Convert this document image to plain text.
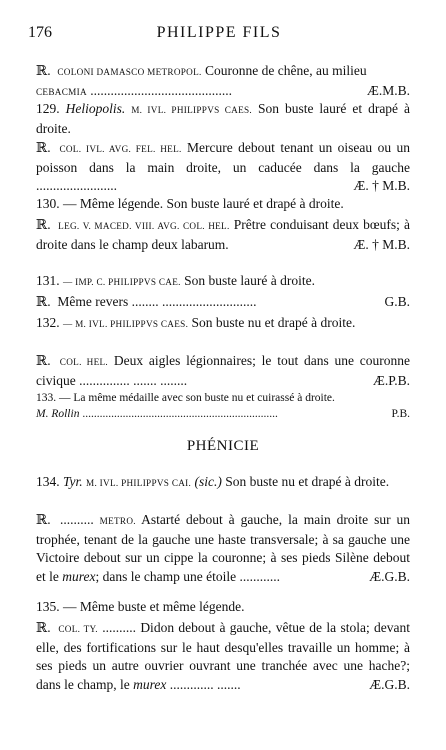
176	PHILIPPE FILS
ℝ. COLONI DAMASCO METROPOL. Couronne de chêne, au milieu
CEBACMIA ..........................................	Æ.M.B.
129. Heliopolis. M. IVL. PHILIPPVS CAES. Son buste lauré et drapé à droite.
ℝ. COL. IVL. AVG. FEL. HEL. Mercure debout tenant un oiseau ou un poisson dans la main droite, un caducée dans la gauche ........................	Æ. † M.B.
130. — Même légende. Son buste lauré et drapé à droite.
ℝ. LEG. V. MACED. VIII. AVG. COL. HEL. Prêtre conduisant deux bœufs; à droite dans le champ deux labarum.	Æ. † M.B.
131. — IMP. C. PHILIPPVS CAE. Son buste lauré à droite.
ℝ. Même revers ........ ............................	G.B.
132. — M. IVL. PHILIPPVS CAES. Son buste nu et drapé à droite.
ℝ. COL. HEL. Deux aigles légionnaires; le tout dans une couronne civique ............... ....... ........	Æ.P.B.
133. — La même médaille avec son buste nu et cuirassé à droite.
M. Rollin ....................................................................	P.B.
PHÉNICIE
134. Tyr. M. IVL. PHILIPPVS CAI. (sic.) Son buste nu et drapé à droite.
ℝ. .......... METRO. Astarté debout à gauche, la main droite sur un trophée, tenant de la gauche une haste transversale; à sa gauche une Victoire debout sur un cippe la couronne; à ses pieds Silène debout et le murex; dans le champ une étoile ............	Æ.G.B.
135. — Même buste et même légende.
ℝ. COL. TY. .......... Didon debout à gauche, vêtue de la stola; devant elle, des fortifications sur le haut desqu'elles travaille un homme; à ses pieds un autre ouvrier ouvrant une tranchée avec une hache?; dans le champ, le murex ............. .......	Æ.G.B.
